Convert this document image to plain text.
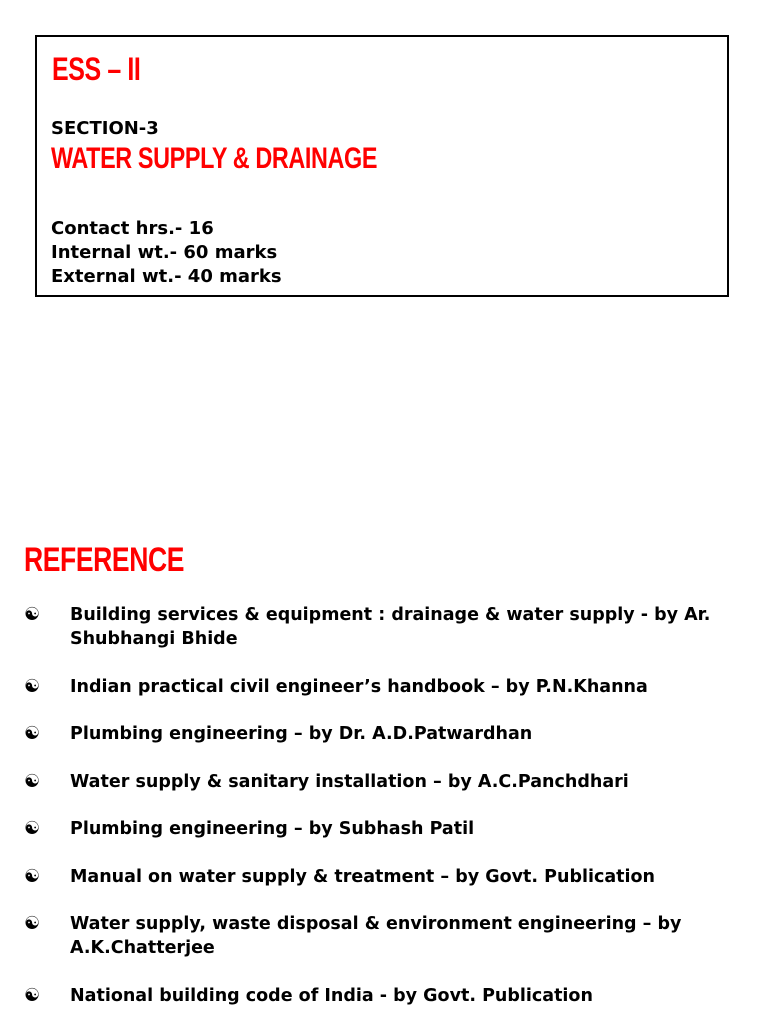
ESS – II
SECTION-3
WATER SUPPLY & DRAINAGE
Contact hrs.- 16
Internal wt.- 60 marks
External wt.- 40 marks
REFERENCE
☯ Building services & equipment : drainage & water supply - by Ar. Shubhangi Bhide
☯ Indian practical civil engineer’s handbook – by P.N.Khanna
☯ Plumbing engineering – by Dr. A.D.Patwardhan
☯ Water supply & sanitary installation – by A.C.Panchdhari
☯ Plumbing engineering – by Subhash Patil
☯ Manual on water supply & treatment – by Govt. Publication
☯ Water supply, waste disposal & environment engineering – by A.K.Chatterjee
☯ National building code of India - by Govt. Publication
